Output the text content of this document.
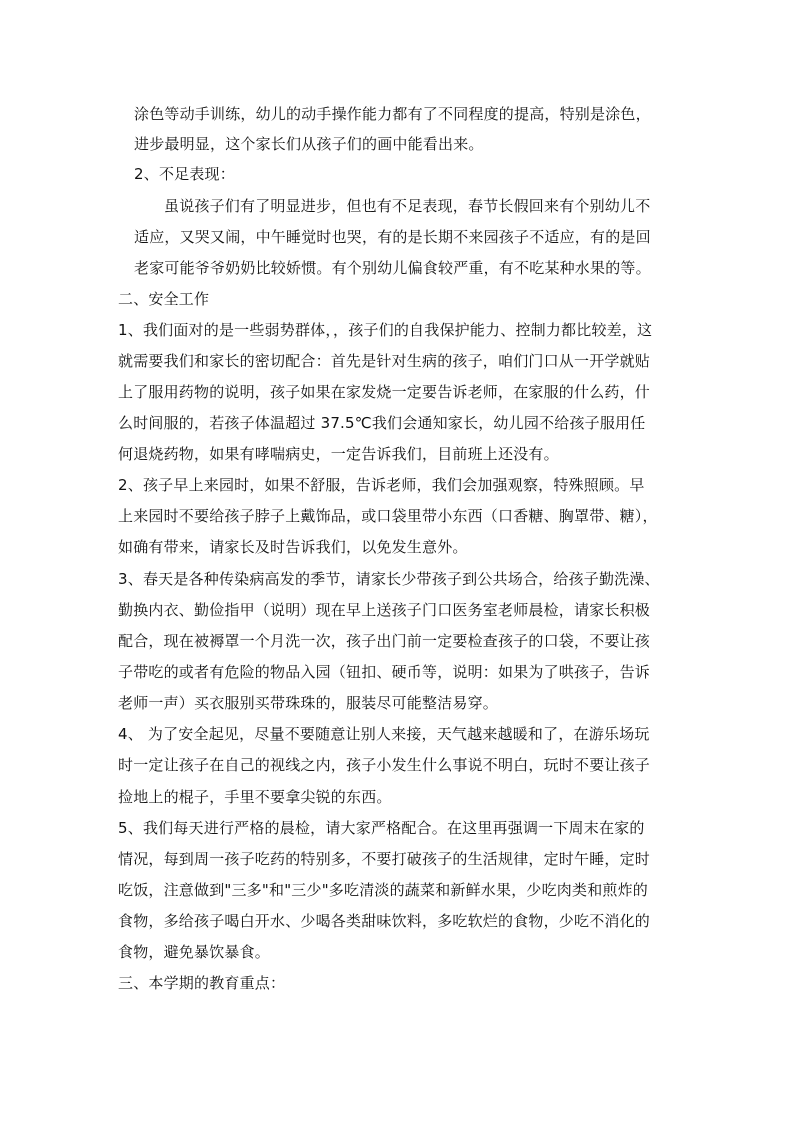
涂色等动手训练，幼儿的动手操作能力都有了不同程度的提高，特别是涂色，
进步最明显，这个家长们从孩子们的画中能看出来。
2、不足表现：
虽说孩子们有了明显进步，但也有不足表现，春节长假回来有个别幼儿不
适应，又哭又闹，中午睡觉时也哭，有的是长期不来园孩子不适应，有的是回
老家可能爷爷奶奶比较娇惯。有个别幼儿偏食较严重，有不吃某种水果的等。
二、安全工作
1、我们面对的是一些弱势群体，，孩子们的自我保护能力、控制力都比较差，这
就需要我们和家长的密切配合：首先是针对生病的孩子，咱们门口从一开学就贴
上了服用药物的说明，孩子如果在家发烧一定要告诉老师，在家服的什么药，什
么时间服的，若孩子体温超过 37.5℃我们会通知家长，幼儿园不给孩子服用任
何退烧药物，如果有哮喘病史，一定告诉我们，目前班上还没有。
2、孩子早上来园时，如果不舒服，告诉老师，我们会加强观察，特殊照顾。早
上来园时不要给孩子脖子上戴饰品，或口袋里带小东西（口香糖、胸罩带、糖），
如确有带来，请家长及时告诉我们，以免发生意外。
3、春天是各种传染病高发的季节，请家长少带孩子到公共场合，给孩子勤洗澡、
勤换内衣、勤俭指甲（说明）现在早上送孩子门口医务室老师晨检，请家长积极
配合，现在被褥罩一个月洗一次，孩子出门前一定要检查孩子的口袋，不要让孩
子带吃的或者有危险的物品入园（钮扣、硬币等，说明：如果为了哄孩子，告诉
老师一声）买衣服别买带珠珠的，服装尽可能整洁易穿。
4、 为了安全起见，尽量不要随意让别人来接，天气越来越暖和了，在游乐场玩
时一定让孩子在自己的视线之内，孩子小发生什么事说不明白，玩时不要让孩子
捡地上的棍子，手里不要拿尖锐的东西。
5、我们每天进行严格的晨检，请大家严格配合。在这里再强调一下周末在家的
情况，每到周一孩子吃药的特别多，不要打破孩子的生活规律，定时午睡，定时
吃饭，注意做到"三多"和"三少"多吃清淡的蔬菜和新鲜水果，少吃肉类和煎炸的
食物，多给孩子喝白开水、少喝各类甜味饮料，多吃软烂的食物，少吃不消化的
食物，避免暴饮暴食。
三、本学期的教育重点：
